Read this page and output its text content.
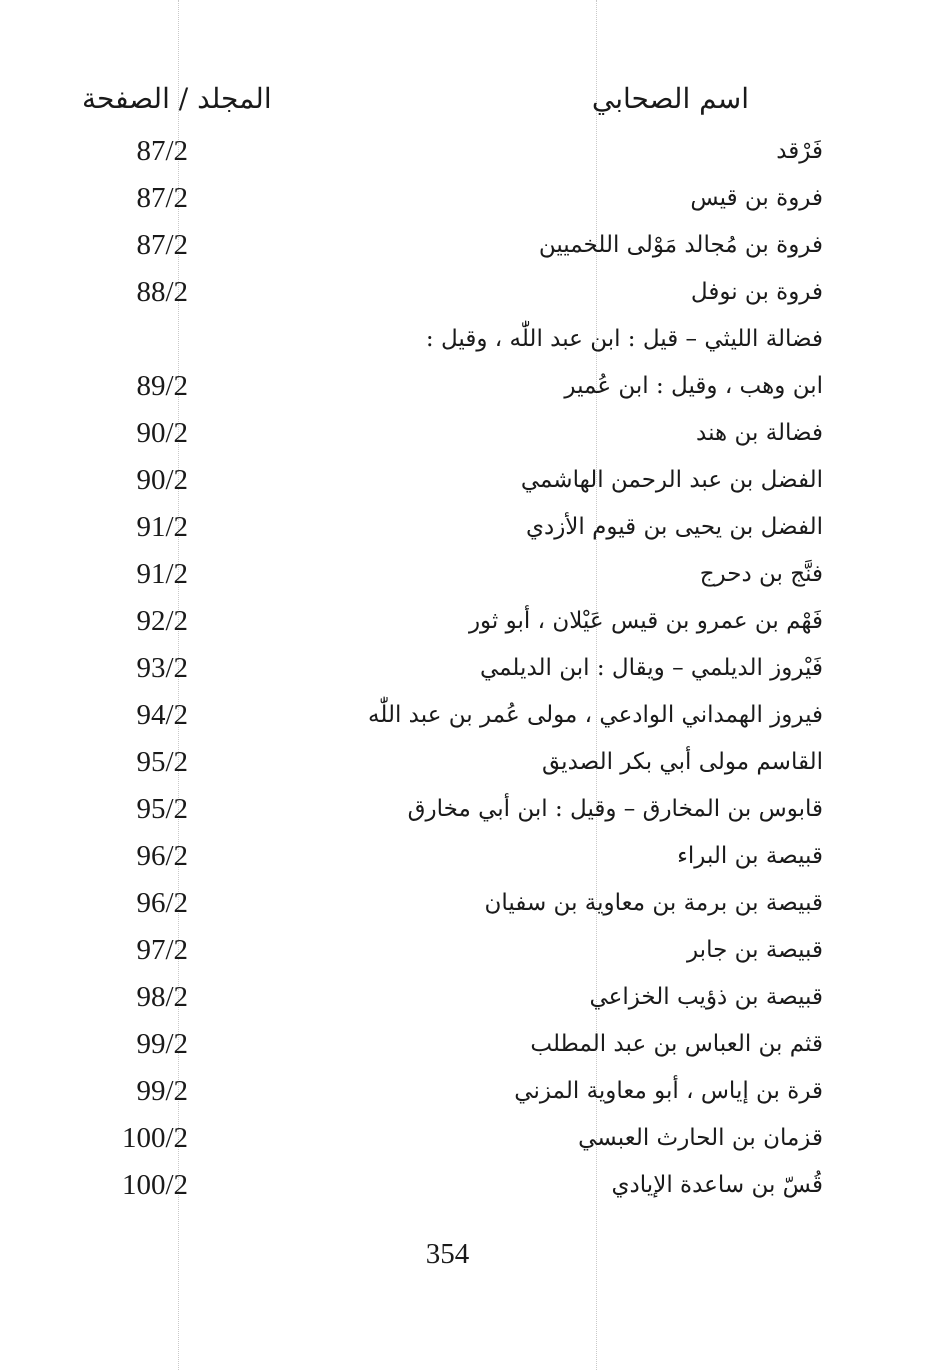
اسم الصحابي
المجلد / الصفحة
فَرْقد
87/2
فروة بن قيس
87/2
فروة بن مُجالد مَوْلى اللخميين
87/2
فروة بن نوفل
88/2
فضالة الليثي – قيل : ابن عبد اللّٰه ، وقيل :
ابن وهب ، وقيل : ابن عُمير
89/2
فضالة بن هند
90/2
الفضل بن عبد الرحمن الهاشمي
90/2
الفضل بن يحيى بن قيوم الأزدي
91/2
فنَّج بن دحرج
91/2
فَهْم بن عمرو بن قيس عَيْلان ، أبو ثور
92/2
فَيْروز الديلمي – ويقال : ابن الديلمي
93/2
فيروز الهمداني الوادعي ، مولى عُمر بن عبد اللّٰه
94/2
القاسم مولى أبي بكر الصديق
95/2
قابوس بن المخارق – وقيل : ابن أبي مخارق
95/2
قبيصة بن البراء
96/2
قبيصة بن برمة بن معاوية بن سفيان
96/2
قبيصة بن جابر
97/2
قبيصة بن ذؤيب الخزاعي
98/2
قثم بن العباس بن عبد المطلب
99/2
قرة بن إياس ، أبو معاوية المزني
99/2
قزمان بن الحارث العبسي
100/2
قُسّ بن ساعدة الإيادي
100/2
354
